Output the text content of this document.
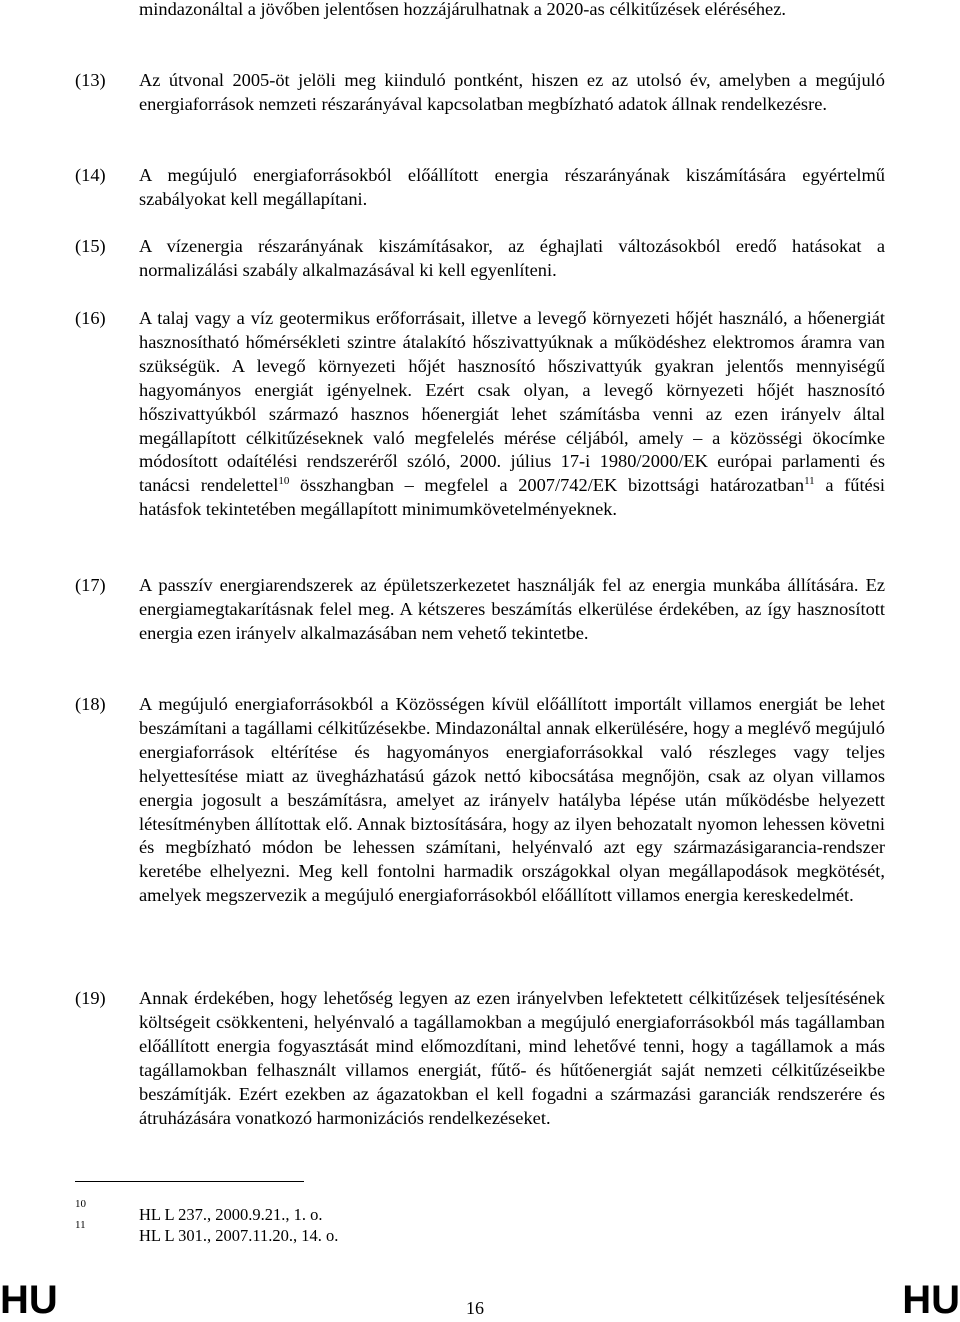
mindazonáltal a jövőben jelentősen hozzájárulhatnak a 2020-as célkitűzések eléréséhez.
(13)	Az útvonal 2005-öt jelöli meg kiinduló pontként, hiszen ez az utolsó év, amelyben a megújuló energiaforrások nemzeti részarányával kapcsolatban megbízható adatok állnak rendelkezésre.
(14)	A megújuló energiaforrásokból előállított energia részarányának kiszámítására egyértelmű szabályokat kell megállapítani.
(15)	A vízenergia részarányának kiszámításakor, az éghajlati változásokból eredő hatásokat a normalizálási szabály alkalmazásával ki kell egyenlíteni.
(16)	A talaj vagy a víz geotermikus erőforrásait, illetve a levegő környezeti hőjét használó, a hőenergiát hasznosítható hőmérsékleti szintre átalakító hőszivattyúknak a működéshez elektromos áramra van szükségük. A levegő környezeti hőjét hasznosító hőszivattyúk gyakran jelentős mennyiségű hagyományos energiát igényelnek. Ezért csak olyan, a levegő környezeti hőjét hasznosító hőszivattyúkból származó hasznos hőenergiát lehet számításba venni az ezen irányelv által megállapított célkitűzéseknek való megfelelés mérése céljából, amely – a közösségi ökocímke módosított odaítélési rendszeréről szóló, 2000. július 17-i 1980/2000/EK európai parlamenti és tanácsi rendelettel$^{10}$ összhangban – megfelel a 2007/742/EK bizottsági határozatban$^{11}$ a fűtési hatásfok tekintetében megállapított minimumkövetelményeknek.
(17)	A passzív energiarendszerek az épületszerkezetet használják fel az energia munkába állítására. Ez energiamegtakarításnak felel meg. A kétszeres beszámítás elkerülése érdekében, az így hasznosított energia ezen irányelv alkalmazásában nem vehető tekintetbe.
(18)	A megújuló energiaforrásokból a Közösségen kívül előállított importált villamos energiát be lehet beszámítani a tagállami célkitűzésekbe. Mindazonáltal annak elkerülésére, hogy a meglévő megújuló energiaforrások eltérítése és hagyományos energiaforrásokkal való részleges vagy teljes helyettesítése miatt az üvegházhatású gázok nettó kibocsátása megnőjön, csak az olyan villamos energia jogosult a beszámításra, amelyet az irányelv hatályba lépése után működésbe helyezett létesítményben állítottak elő. Annak biztosítására, hogy az ilyen behozatalt nyomon lehessen követni és megbízható módon be lehessen számítani, helyénvaló azt egy származásigarancia-rendszer keretébe elhelyezni. Meg kell fontolni harmadik országokkal olyan megállapodások megkötését, amelyek megszervezik a megújuló energiaforrásokból előállított villamos energia kereskedelmét.
(19)	Annak érdekében, hogy lehetőség legyen az ezen irányelvben lefektetett célkitűzések teljesítésének költségeit csökkenteni, helyénvaló a tagállamokban a megújuló energiaforrásokból más tagállamban előállított energia fogyasztását mind előmozdítani, mind lehetővé tenni, hogy a tagállamok a más tagállamokban felhasznált villamos energiát, fűtő- és hűtőenergiát saját nemzeti célkitűzéseikbe beszámítják. Ezért ezekben az ágazatokban el kell fogadni a származási garanciák rendszerére és átruházására vonatkozó harmonizációs rendelkezéseket.
10
HL L 237., 2000.9.21., 1. o.
11
HL L 301., 2007.11.20., 14. o.
HU	16	HU
